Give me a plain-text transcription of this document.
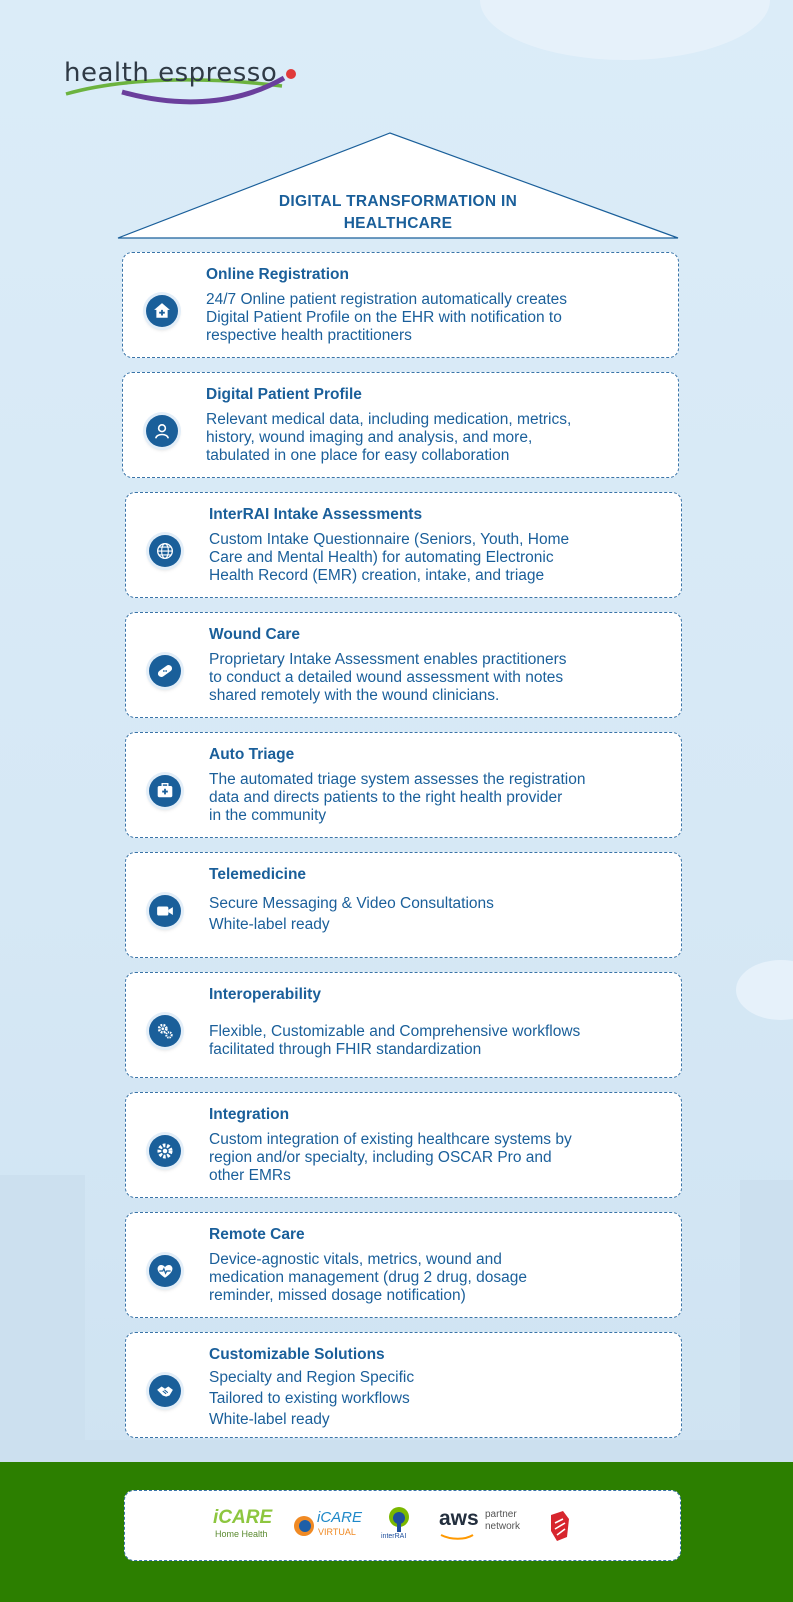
health espresso
DIGITAL TRANSFORMATION IN
HEALTHCARE
Online Registration
24/7 Online patient registration automatically creates
Digital Patient Profile on the EHR with notification to
respective health practitioners
Digital Patient Profile
Relevant medical data, including medication, metrics,
history, wound imaging and analysis, and more,
tabulated in one place for easy collaboration
InterRAI Intake Assessments
Custom Intake Questionnaire (Seniors, Youth, Home
Care and Mental Health) for automating Electronic
Health Record (EMR) creation, intake, and triage
Wound Care
Proprietary Intake Assessment enables practitioners
to conduct a detailed wound assessment with notes
shared remotely with the wound clinicians.
Auto Triage
The automated triage system assesses the registration
data and directs patients to the right health provider
in the community
Telemedicine
Secure Messaging & Video Consultations
White-label ready
Interoperability
Flexible, Customizable and Comprehensive workflows
facilitated through FHIR standardization
Integration
Custom integration of existing healthcare systems by
region and/or specialty, including OSCAR Pro and
other EMRs
Remote Care
Device-agnostic vitals, metrics, wound and
medication management (drug 2 drug, dosage
reminder, missed dosage notification)
Customizable Solutions
Specialty and Region Specific
Tailored to existing workflows
White-label ready
iCARE
Home Health
iCARE
VIRTUAL	interRAI
aws partner
network
